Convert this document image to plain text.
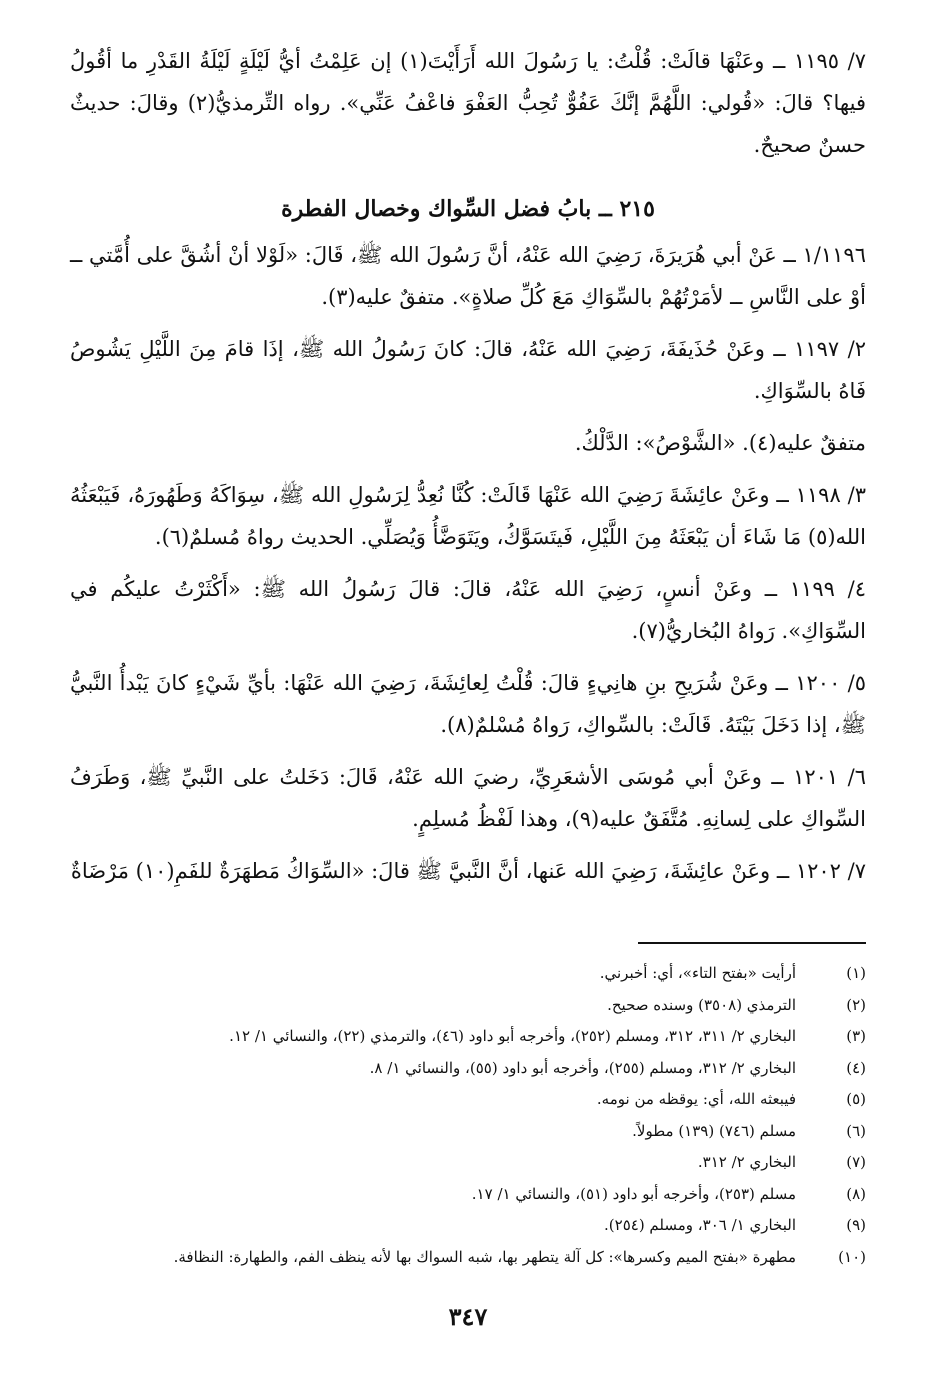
٧/ ١١٩٥ ــ وعَنْهَا قالَتْ: قُلْتُ: يا رَسُولَ الله أَرَأَيْتَ(١) إن عَلِمْتُ أيُّ لَيْلَةٍ لَيْلَةُ القَدْرِ ما أقُولُ فيها؟ قالَ: «قُولي: اللَّهُمَّ إنَّكَ عَفُوٌّ تُحِبُّ العَفْوَ فاعْفُ عَنِّي». رواه التِّرمذيُّ(٢) وقالَ: حديثٌ حسنٌ صحيحٌ.

٢١٥ ــ بابُ فضل السِّواك وخصال الفطرة

١/١١٩٦ ــ عَنْ أبي هُرَيرَةَ، رَضِيَ الله عَنْهُ، أنَّ رَسُولَ الله ﷺ، قَالَ: «لَوْلا أنْ أشُقَّ على أُمَّتي ــ أوْ على النَّاسِ ــ لأمَرْتُهُمْ بالسِّوَاكِ مَعَ كُلِّ صلاةٍ». متفقٌ عليه(٣).

٢/ ١١٩٧ ــ وعَنْ حُذَيفَةَ، رَضِيَ الله عَنْهُ، قالَ: كانَ رَسُولُ الله ﷺ، إذَا قامَ مِنَ اللَّيْلِ يَشُوصُ فَاهُ بالسِّوَاكِ.

متفقٌ عليه(٤). «الشَّوْصُ»: الدَّلْكُ.

٣/ ١١٩٨ ــ وعَنْ عائِشَةَ رَضِيَ الله عَنْهَا قَالَتْ: كُنَّا نُعِدُّ لِرَسُولِ الله ﷺ، سِوَاكَهُ وَطَهُورَهُ، فَيَبْعَثُهُ الله(٥) مَا شَاءَ أن يَبْعَثَهُ مِنَ اللَّيْلِ، فَيتَسَوَّكُ، ويَتَوَضَّأُ وَيُصَلِّي. الحديث رواهُ مُسلمٌ(٦).

٤/ ١١٩٩ ــ وعَنْ أنسٍ، رَضِيَ الله عَنْهُ، قالَ: قالَ رَسُولُ الله ﷺ: «أَكْثَرْتُ عليكُم في السِّوَاكِ». رَواهُ البُخاريُّ(٧).

٥/ ١٢٠٠ ــ وعَنْ شُرَيحِ بنِ هانِيءٍ قالَ: قُلْتُ لِعائِشَةَ، رَضِيَ الله عَنْهَا: بأيِّ شَيْءٍ كانَ يَبْدأُ النَّبيُّ ﷺ، إذا دَخَلَ بَيْتَهُ. قَالَتْ: بالسِّواكِ، رَواهُ مُسْلمٌ(٨).

٦/ ١٢٠١ ــ وعَنْ أبي مُوسَى الأشعَرِيِّ، رضيَ الله عَنْهُ، قَالَ: دَخَلتُ على النَّبيِّ ﷺ، وَطَرَفُ السِّواكِ على لِسانِهِ. مُتَّفَقٌ عليه(٩)، وهذا لَفْظُ مُسلِمٍ.

٧/ ١٢٠٢ ــ وعَنْ عائِشَةَ، رَضِيَ الله عَنها، أنَّ النَّبيَّ ﷺ قالَ: «السِّوَاكُ مَطهَرَةٌ للفَمِ(١٠) مَرْضَاةٌ

(١)
أرأيت «بفتح التاء»، أي: أخبرني.
(٢)
الترمذي (٣٥٠٨) وسنده صحيح.
(٣)
البخاري ٢/ ٣١١، ٣١٢، ومسلم (٢٥٢)، وأخرجه أبو داود (٤٦)، والترمذي (٢٢)، والنسائي ١/ ١٢.
(٤)
البخاري ٢/ ٣١٢، ومسلم (٢٥٥)، وأخرجه أبو داود (٥٥)، والنسائي ١/ ٨.
(٥)
فيبعثه الله، أي: يوقظه من نومه.
(٦)
مسلم (٧٤٦) (١٣٩) مطولاً.
(٧)
البخاري ٢/ ٣١٢.
(٨)
مسلم (٢٥٣)، وأخرجه أبو داود (٥١)، والنسائي ١/ ١٧.
(٩)
البخاري ١/ ٣٠٦، ومسلم (٢٥٤).
(١٠)
مطهرة «بفتح الميم وكسرها»: كل آلة يتطهر بها، شبه السواك بها لأنه ينظف الفم، والطهارة: النظافة.
٣٤٧
